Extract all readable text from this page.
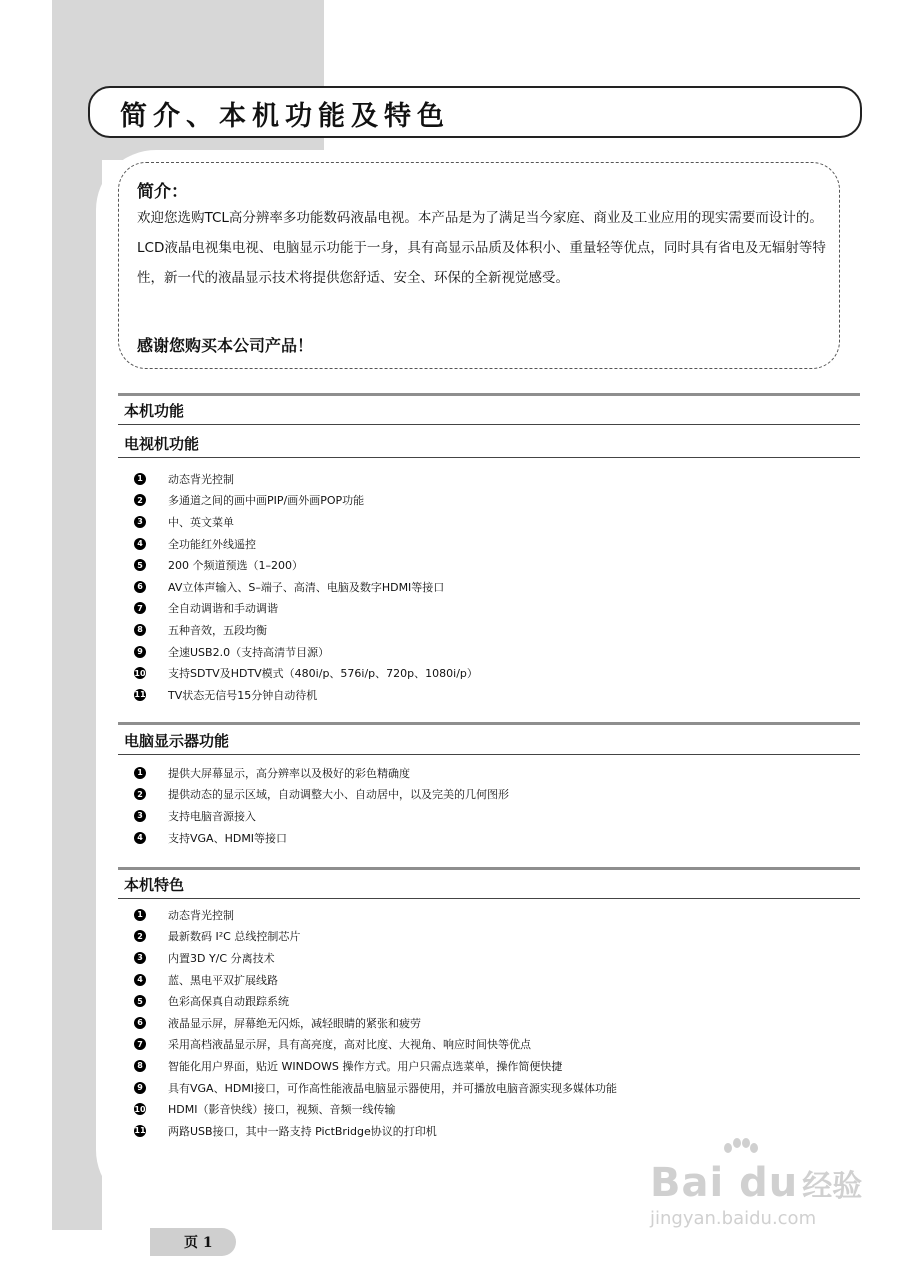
简介、本机功能及特色
简介：
欢迎您选购TCL高分辨率多功能数码液晶电视。本产品是为了满足当今家庭、商业及工业应用的现实需要而设计的。LCD液晶电视集电视、电脑显示功能于一身，具有高显示品质及体积小、重量轻等优点，同时具有省电及无辐射等特性，新一代的液晶显示技术将提供您舒适、安全、环保的全新视觉感受。
感谢您购买本公司产品！
本机功能
电视机功能
1 动态背光控制
2 多通道之间的画中画PIP/画外画POP功能
3 中、英文菜单
4 全功能红外线遥控
5 200 个频道预选（1–200）
6 AV立体声输入、S–端子、高清、电脑及数字HDMI等接口
7 全自动调谐和手动调谐
8 五种音效，五段均衡
9 全速USB2.0（支持高清节目源）
10 支持SDTV及HDTV模式（480i/p、576i/p、720p、1080i/p）
11 TV状态无信号15分钟自动待机
电脑显示器功能
1 提供大屏幕显示，高分辨率以及极好的彩色精确度
2 提供动态的显示区域，自动调整大小、自动居中，以及完美的几何图形
3 支持电脑音源接入
4 支持VGA、HDMI等接口
本机特色
1 动态背光控制
2 最新数码 I²C 总线控制芯片
3 内置3D Y/C 分离技术
4 蓝、黑电平双扩展线路
5 色彩高保真自动跟踪系统
6 液晶显示屏，屏幕绝无闪烁，减轻眼睛的紧张和疲劳
7 采用高档液晶显示屏，具有高亮度，高对比度、大视角、响应时间快等优点
8 智能化用户界面，贴近 WINDOWS 操作方式。用户只需点选菜单，操作简便快捷
9 具有VGA、HDMI接口，可作高性能液晶电脑显示器使用，并可播放电脑音源实现多媒体功能
10 HDMI（影音快线）接口，视频、音频一线传输
11 两路USB接口，其中一路支持 PictBridge协议的打印机
页 1
Bai du 经验
jingyan.baidu.com
